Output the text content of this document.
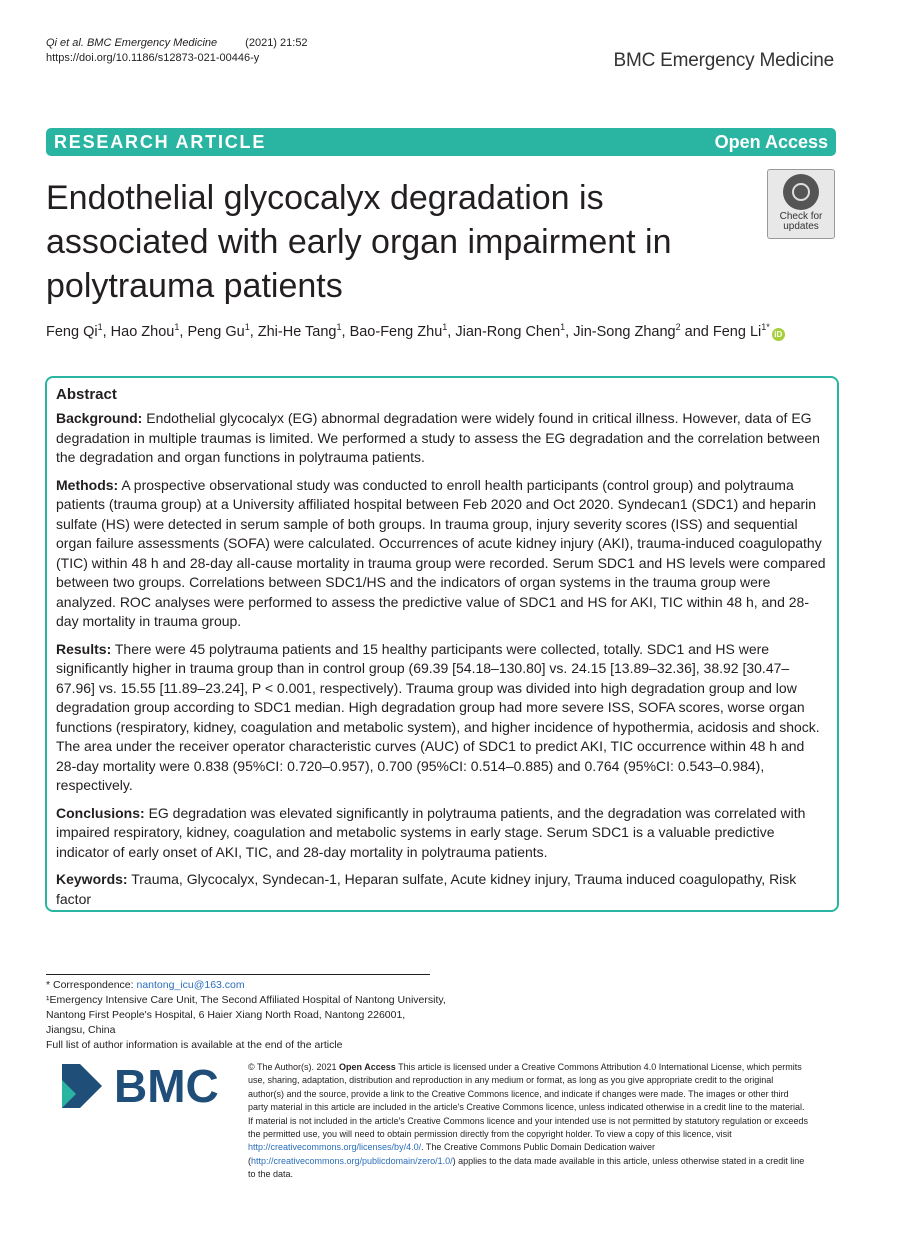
Qi et al. BMC Emergency Medicine	(2021) 21:52
https://doi.org/10.1186/s12873-021-00446-y	BMC Emergency Medicine
RESEARCH ARTICLE	Open Access
Endothelial glycocalyx degradation is associated with early organ impairment in polytrauma patients
Check for
updates
Feng Qi$^1$, Hao Zhou$^1$, Peng Gu$^1$, Zhi-He Tang$^1$, Bao-Feng Zhu$^1$, Jian-Rong Chen$^1$, Jin-Song Zhang$^2$ and Feng $Li^{1*}iD$
Abstract

Background: Endothelial glycocalyx (EG) abnormal degradation were widely found in critical illness. However, data of EG degradation in multiple traumas is limited. We performed a study to assess the EG degradation and the correlation between the degradation and organ functions in polytrauma patients.

Methods: A prospective observational study was conducted to enroll health participants (control group) and polytrauma patients (trauma group) at a University affiliated hospital between Feb 2020 and Oct 2020. Syndecan1 (SDC1) and heparin sulfate (HS) were detected in serum sample of both groups. In trauma group, injury severity scores (ISS) and sequential organ failure assessments (SOFA) were calculated. Occurrences of acute kidney injury (AKI), trauma-induced coagulopathy (TIC) within 48 h and 28-day all-cause mortality in trauma group were recorded. Serum SDC1 and HS levels were compared between two groups. Correlations between SDC1/HS and the indicators of organ systems in the trauma group were analyzed. ROC analyses were performed to assess the predictive value of SDC1 and HS for AKI, TIC within 48 h, and 28-day mortality in trauma group.

Results: There were 45 polytrauma patients and 15 healthy participants were collected, totally. SDC1 and HS were significantly higher in trauma group than in control group (69.39 [54.18–130.80] vs. 24.15 [13.89–32.36], 38.92 [30.47–67.96] vs. 15.55 [11.89–23.24], P < 0.001, respectively). Trauma group was divided into high degradation group and low degradation group according to SDC1 median. High degradation group had more severe ISS, SOFA scores, worse organ functions (respiratory, kidney, coagulation and metabolic system), and higher incidence of hypothermia, acidosis and shock. The area under the receiver operator characteristic curves (AUC) of SDC1 to predict AKI, TIC occurrence within 48 h and 28-day mortality were 0.838 (95%CI: 0.720–0.957), 0.700 (95%CI: 0.514–0.885) and 0.764 (95%CI: 0.543–0.984), respectively.

Conclusions: EG degradation was elevated significantly in polytrauma patients, and the degradation was correlated with impaired respiratory, kidney, coagulation and metabolic systems in early stage. Serum SDC1 is a valuable predictive indicator of early onset of AKI, TIC, and 28-day mortality in polytrauma patients.

Keywords: Trauma, Glycocalyx, Syndecan-1, Heparan sulfate, Acute kidney injury, Trauma induced coagulopathy, Risk factor

* Correspondence: nantong_icu@163.com
¹Emergency Intensive Care Unit, The Second Affiliated Hospital of Nantong University, Nantong First People's Hospital, 6 Haier Xiang North Road, Nantong 226001, Jiangsu, China
Full list of author information is available at the end of the article
BMC	© The Author(s). 2021 Open Access This article is licensed under a Creative Commons Attribution 4.0 International License, which permits use, sharing, adaptation, distribution and reproduction in any medium or format, as long as you give appropriate credit to the original author(s) and the source, provide a link to the Creative Commons licence, and indicate if changes were made. The images or other third party material in this article are included in the article's Creative Commons licence, unless indicated otherwise in a credit line to the material. If material is not included in the article's Creative Commons licence and your intended use is not permitted by statutory regulation or exceeds the permitted use, you will need to obtain permission directly from the copyright holder. To view a copy of this licence, visit http://creativecommons.org/licenses/by/4.0/. The Creative Commons Public Domain Dedication waiver (http://creativecommons.org/publicdomain/zero/1.0/) applies to the data made available in this article, unless otherwise stated in a credit line to the data.
